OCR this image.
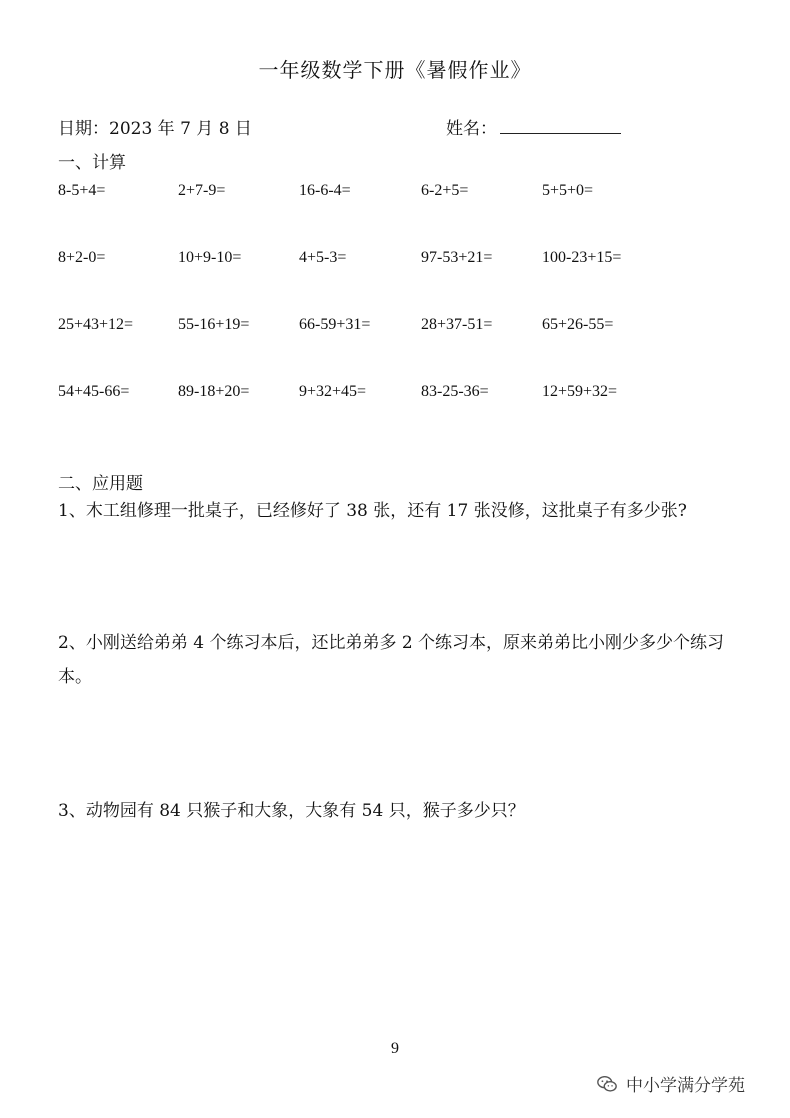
一年级数学下册《暑假作业》
日期：2023 年 7 月 8 日	姓名：
一、计算
8-5+4=	2+7-9=	16-6-4=	6-2+5=	5+5+0=
8+2-0=	10+9-10=	4+5-3=	97-53+21=	100-23+15=
25+43+12=	55-16+19=	66-59+31=	28+37-51=	65+26-55=
54+45-66=	89-18+20=	9+32+45=	83-25-36=	12+59+32=
二、应用题
1、木工组修理一批桌子，已经修好了 38 张，还有 17 张没修，这批桌子有多少张?
2、小刚送给弟弟 4 个练习本后，还比弟弟多 2 个练习本，原来弟弟比小刚少多少个练习本。
3、动物园有 84 只猴子和大象，大象有 54 只，猴子多少只？
9
中小学满分学苑
